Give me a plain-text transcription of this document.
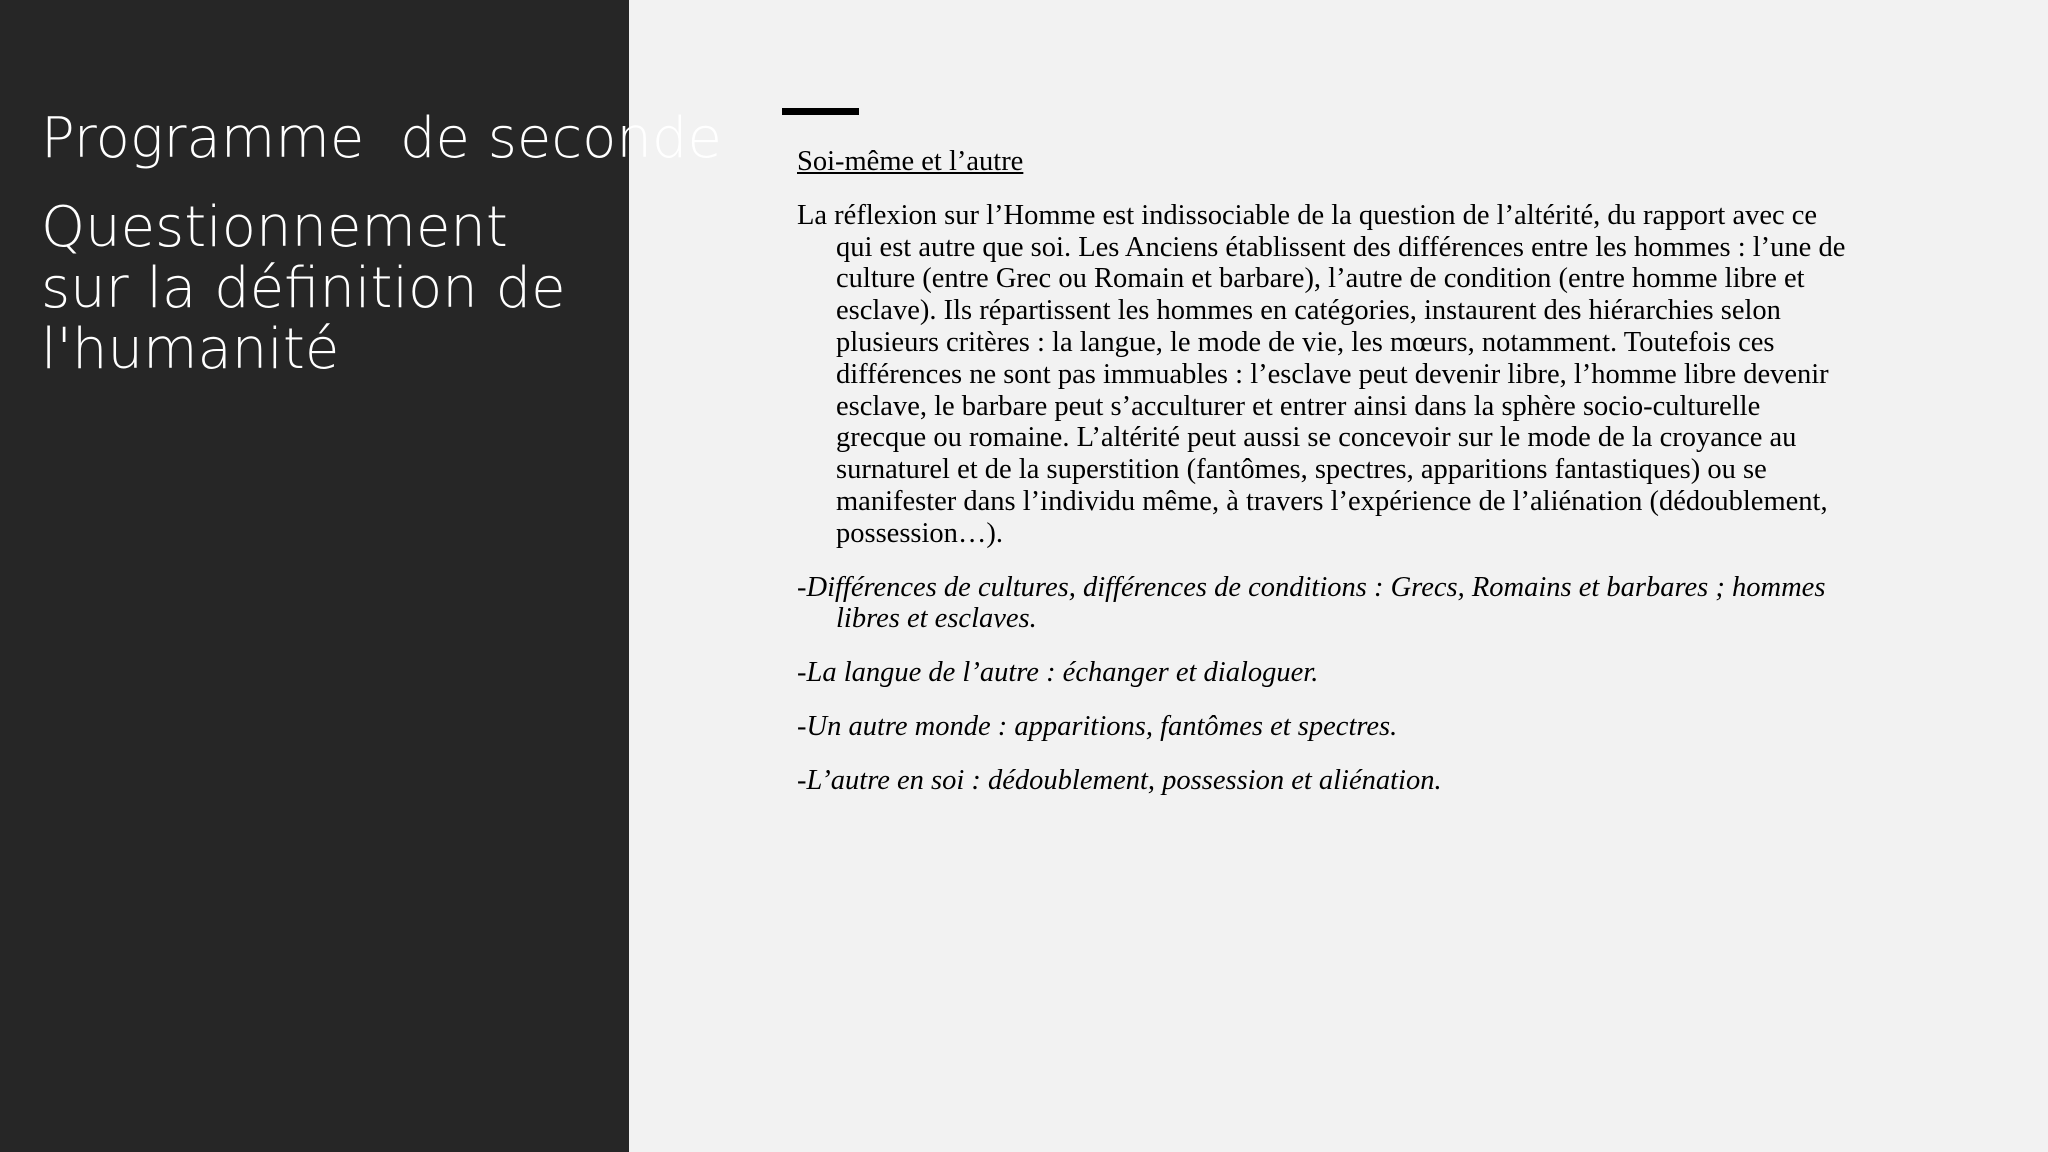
Programme  de seconde

Questionnement sur la définition de l'humanité

Soi-même et l’autre

La réflexion sur l’Homme est indissociable de la question de l’altérité, du rapport avec ce qui est autre que soi. Les Anciens établissent des différences entre les hommes : l’une de culture (entre Grec ou Romain et barbare), l’autre de condition (entre homme libre et esclave). Ils répartissent les hommes en catégories, instaurent des hiérarchies selon plusieurs critères : la langue, le mode de vie, les mœurs, notamment. Toutefois ces différences ne sont pas immuables : l’esclave peut devenir libre, l’homme libre devenir esclave, le barbare peut s’acculturer et entrer ainsi dans la sphère socio-culturelle grecque ou romaine. L’altérité peut aussi se concevoir sur le mode de la croyance au surnaturel et de la superstition (fantômes, spectres, apparitions fantastiques) ou se manifester dans l’individu même, à travers l’expérience de l’aliénation (dédoublement, possession…).

-Différences de cultures, différences de conditions : Grecs, Romains et barbares ; hommes libres et esclaves.

-La langue de l’autre : échanger et dialoguer.

-Un autre monde : apparitions, fantômes et spectres.

-L’autre en soi : dédoublement, possession et aliénation.
